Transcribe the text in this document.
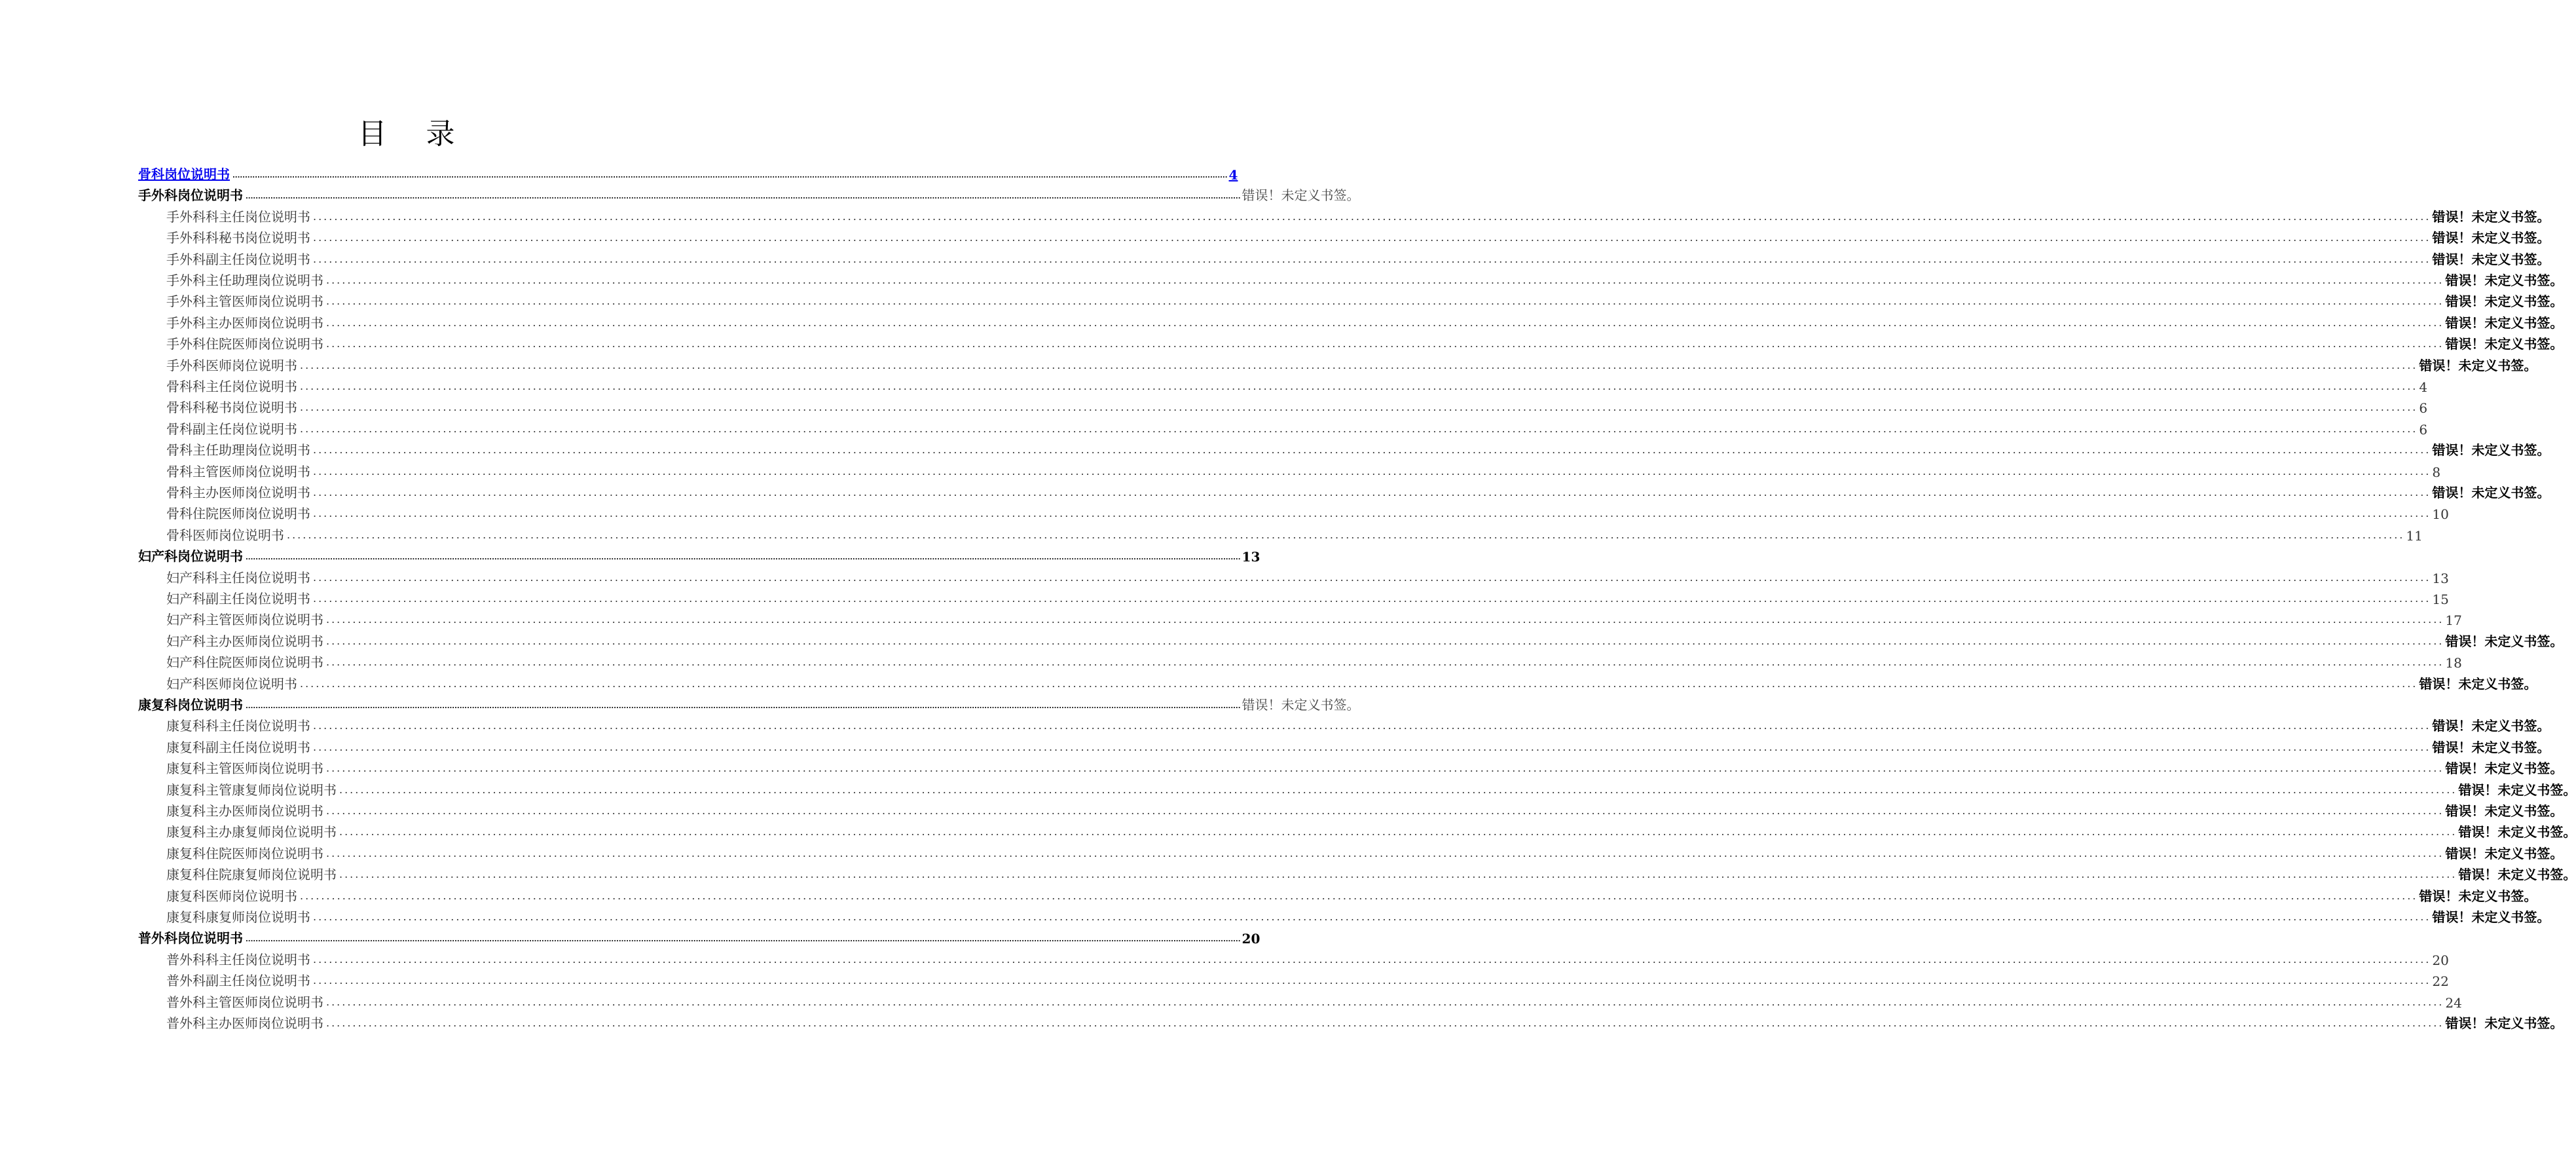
目 录
骨科岗位说明书 ................................................................................................................................................................................................................................................................................................................................................................................................................ 4
手外科岗位说明书 ................................................................................................................................................................................................................................................................................................................................................................................................................ 错误！未定义书签。
手外科科主任岗位说明书 ................................................................................................................................................................................................................................................................................................................................................................................................................ 错误！未定义书签。
手外科科秘书岗位说明书 ................................................................................................................................................................................................................................................................................................................................................................................................................ 错误！未定义书签。
手外科副主任岗位说明书 ................................................................................................................................................................................................................................................................................................................................................................................................................ 错误！未定义书签。
手外科主任助理岗位说明书 ................................................................................................................................................................................................................................................................................................................................................................................................................ 错误！未定义书签。
手外科主管医师岗位说明书 ................................................................................................................................................................................................................................................................................................................................................................................................................ 错误！未定义书签。
手外科主办医师岗位说明书 ................................................................................................................................................................................................................................................................................................................................................................................................................ 错误！未定义书签。
手外科住院医师岗位说明书 ................................................................................................................................................................................................................................................................................................................................................................................................................ 错误！未定义书签。
手外科医师岗位说明书 ................................................................................................................................................................................................................................................................................................................................................................................................................ 错误！未定义书签。
骨科科主任岗位说明书 ................................................................................................................................................................................................................................................................................................................................................................................................................ 4
骨科科秘书岗位说明书 ................................................................................................................................................................................................................................................................................................................................................................................................................ 6
骨科副主任岗位说明书 ................................................................................................................................................................................................................................................................................................................................................................................................................ 6
骨科主任助理岗位说明书 ................................................................................................................................................................................................................................................................................................................................................................................................................ 错误！未定义书签。
骨科主管医师岗位说明书 ................................................................................................................................................................................................................................................................................................................................................................................................................ 8
骨科主办医师岗位说明书 ................................................................................................................................................................................................................................................................................................................................................................................................................ 错误！未定义书签。
骨科住院医师岗位说明书 ................................................................................................................................................................................................................................................................................................................................................................................................................ 10
骨科医师岗位说明书 ................................................................................................................................................................................................................................................................................................................................................................................................................ 11
妇产科岗位说明书 ................................................................................................................................................................................................................................................................................................................................................................................................................ 13
妇产科科主任岗位说明书 ................................................................................................................................................................................................................................................................................................................................................................................................................ 13
妇产科副主任岗位说明书 ................................................................................................................................................................................................................................................................................................................................................................................................................ 15
妇产科主管医师岗位说明书 ................................................................................................................................................................................................................................................................................................................................................................................................................ 17
妇产科主办医师岗位说明书 ................................................................................................................................................................................................................................................................................................................................................................................................................ 错误！未定义书签。
妇产科住院医师岗位说明书 ................................................................................................................................................................................................................................................................................................................................................................................................................ 18
妇产科医师岗位说明书 ................................................................................................................................................................................................................................................................................................................................................................................................................ 错误！未定义书签。
康复科岗位说明书 ................................................................................................................................................................................................................................................................................................................................................................................................................ 错误！未定义书签。
康复科科主任岗位说明书 ................................................................................................................................................................................................................................................................................................................................................................................................................ 错误！未定义书签。
康复科副主任岗位说明书 ................................................................................................................................................................................................................................................................................................................................................................................................................ 错误！未定义书签。
康复科主管医师岗位说明书 ................................................................................................................................................................................................................................................................................................................................................................................................................ 错误！未定义书签。
康复科主管康复师岗位说明书 ................................................................................................................................................................................................................................................................................................................................................................................................................ 错误！未定义书签。
康复科主办医师岗位说明书 ................................................................................................................................................................................................................................................................................................................................................................................................................ 错误！未定义书签。
康复科主办康复师岗位说明书 ................................................................................................................................................................................................................................................................................................................................................................................................................ 错误！未定义书签。
康复科住院医师岗位说明书 ................................................................................................................................................................................................................................................................................................................................................................................................................ 错误！未定义书签。
康复科住院康复师岗位说明书 ................................................................................................................................................................................................................................................................................................................................................................................................................ 错误！未定义书签。
康复科医师岗位说明书 ................................................................................................................................................................................................................................................................................................................................................................................................................ 错误！未定义书签。
康复科康复师岗位说明书 ................................................................................................................................................................................................................................................................................................................................................................................................................ 错误！未定义书签。
普外科岗位说明书 ................................................................................................................................................................................................................................................................................................................................................................................................................ 20
普外科科主任岗位说明书 ................................................................................................................................................................................................................................................................................................................................................................................................................ 20
普外科副主任岗位说明书 ................................................................................................................................................................................................................................................................................................................................................................................................................ 22
普外科主管医师岗位说明书 ................................................................................................................................................................................................................................................................................................................................................................................................................ 24
普外科主办医师岗位说明书 ................................................................................................................................................................................................................................................................................................................................................................................................................ 错误！未定义书签。
